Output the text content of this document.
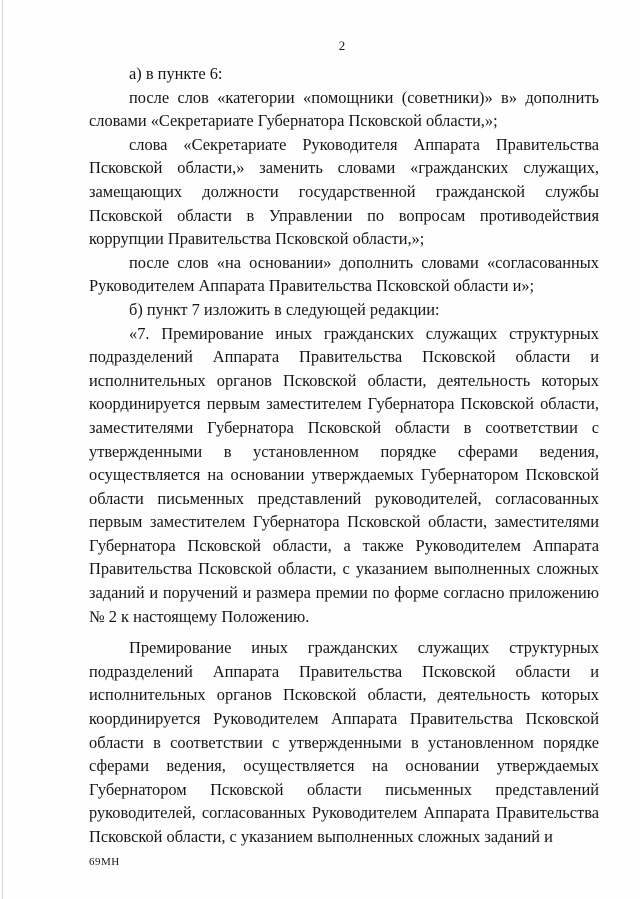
2

а) в пункте 6:

после слов «категории «помощники (советники)» в» дополнить словами «Секретариате Губернатора Псковской области,»;

слова «Секретариате Руководителя Аппарата Правительства Псковской области,» заменить словами «гражданских служащих, замещающих должности государственной гражданской службы Псковской области в Управлении по вопросам противодействия коррупции Правительства Псковской области,»;

после слов «на основании» дополнить словами «согласованных Руководителем Аппарата Правительства Псковской области и»;

б) пункт 7 изложить в следующей редакции:

«7. Премирование иных гражданских служащих структурных подразделений Аппарата Правительства Псковской области и исполнительных органов Псковской области, деятельность которых координируется первым заместителем Губернатора Псковской области, заместителями Губернатора Псковской области в соответствии с утвержденными в установленном порядке сферами ведения, осуществляется на основании утверждаемых Губернатором Псковской области письменных представлений руководителей, согласованных первым заместителем Губернатора Псковской области, заместителями Губернатора Псковской области, а также Руководителем Аппарата Правительства Псковской области, с указанием выполненных сложных заданий и поручений и размера премии по форме согласно приложению № 2 к настоящему Положению.

Премирование иных гражданских служащих структурных подразделений Аппарата Правительства Псковской области и исполнительных органов Псковской области, деятельность которых координируется Руководителем Аппарата Правительства Псковской области в соответствии с утвержденными в установленном порядке сферами ведения, осуществляется на основании утверждаемых Губернатором Псковской области письменных представлений руководителей, согласованных Руководителем Аппарата Правительства Псковской области, с указанием выполненных сложных заданий и

69МН
